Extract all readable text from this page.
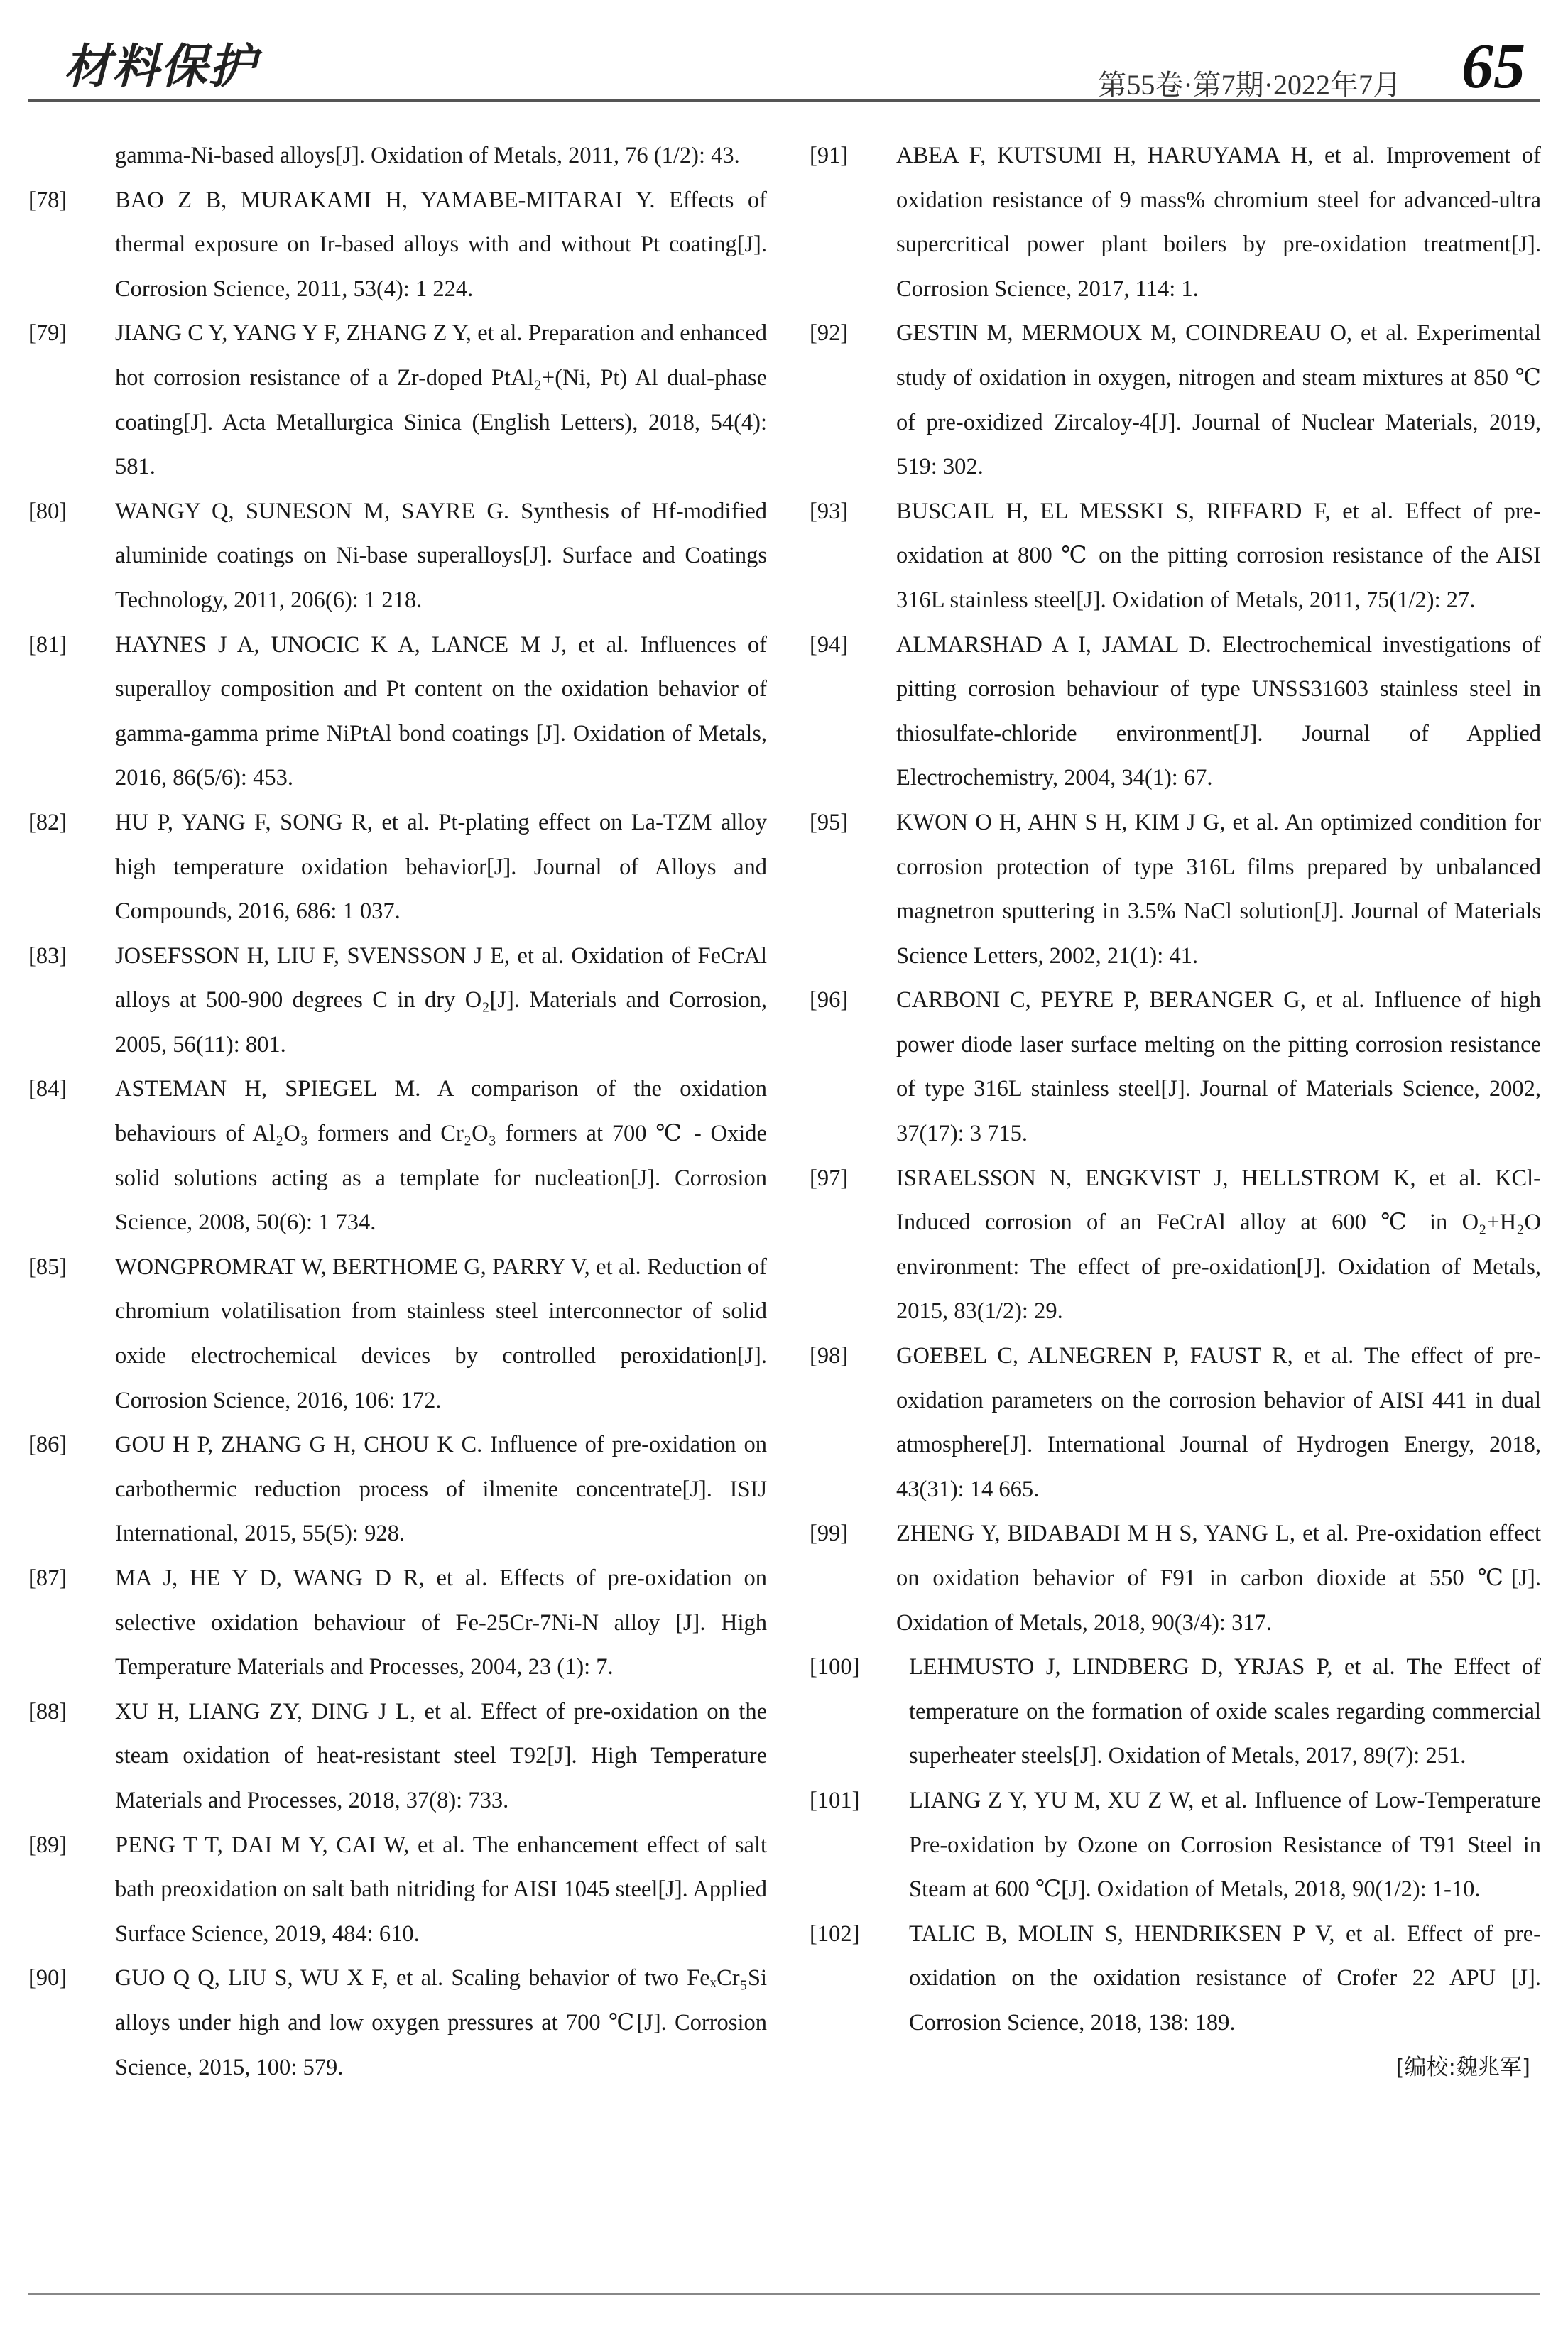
材料保护	第55卷·第7期·2022年7月 65
gamma-Ni-based alloys[J]. Oxidation of Metals, 2011, 76 (1/2): 43.
[78]	BAO Z B, MURAKAMI H, YAMABE-MITARAI Y. Effects of thermal exposure on Ir-based alloys with and without Pt coating[J]. Corrosion Science, 2011, 53(4): 1 224.
[79]	JIANG C Y, YANG Y F, ZHANG Z Y, et al. Preparation and enhanced hot corrosion resistance of a Zr-doped PtAl₂+(Ni, Pt) Al dual-phase coating[J]. Acta Metallurgica Sinica (English Letters), 2018, 54(4): 581.
[80]	WANGY Q, SUNESON M, SAYRE G. Synthesis of Hf-modified aluminide coatings on Ni-base superalloys[J]. Surface and Coatings Technology, 2011, 206(6): 1 218.
[81]	HAYNES J A, UNOCIC K A, LANCE M J, et al. Influences of superalloy composition and Pt content on the oxidation behavior of gamma-gamma prime NiPtAl bond coatings [J]. Oxidation of Metals, 2016, 86(5/6): 453.
[82]	HU P, YANG F, SONG R, et al. Pt-plating effect on La-TZM alloy high temperature oxidation behavior[J]. Journal of Alloys and Compounds, 2016, 686: 1 037.
[83]	JOSEFSSON H, LIU F, SVENSSON J E, et al. Oxidation of FeCrAl alloys at 500-900 degrees C in dry O₂[J]. Materials and Corrosion, 2005, 56(11): 801.
[84]	ASTEMAN H, SPIEGEL M. A comparison of the oxidation behaviours of Al₂O₃ formers and Cr₂O₃ formers at 700 ℃ - Oxide solid solutions acting as a template for nucleation[J]. Corrosion Science, 2008, 50(6): 1 734.
[85]	WONGPROMRAT W, BERTHOME G, PARRY V, et al. Reduction of chromium volatilisation from stainless steel interconnector of solid oxide electrochemical devices by controlled peroxidation[J]. Corrosion Science, 2016, 106: 172.
[86]	GOU H P, ZHANG G H, CHOU K C. Influence of pre-oxidation on carbothermic reduction process of ilmenite concentrate[J]. ISIJ International, 2015, 55(5): 928.
[87]	MA J, HE Y D, WANG D R, et al. Effects of pre-oxidation on selective oxidation behaviour of Fe-25Cr-7Ni-N alloy [J]. High Temperature Materials and Processes, 2004, 23 (1): 7.
[88]	XU H, LIANG ZY, DING J L, et al. Effect of pre-oxidation on the steam oxidation of heat-resistant steel T92[J]. High Temperature Materials and Processes, 2018, 37(8): 733.
[89]	PENG T T, DAI M Y, CAI W, et al. The enhancement effect of salt bath preoxidation on salt bath nitriding for AISI 1045 steel[J]. Applied Surface Science, 2019, 484: 610.
[90]	GUO Q Q, LIU S, WU X F, et al. Scaling behavior of two FeₓCr₅Si alloys under high and low oxygen pressures at 700 ℃[J]. Corrosion Science, 2015, 100: 579.
[91]	ABEA F, KUTSUMI H, HARUYAMA H, et al. Improvement of oxidation resistance of 9 mass% chromium steel for advanced-ultra supercritical power plant boilers by pre-oxidation treatment[J]. Corrosion Science, 2017, 114: 1.
[92]	GESTIN M, MERMOUX M, COINDREAU O, et al. Experimental study of oxidation in oxygen, nitrogen and steam mixtures at 850 ℃ of pre-oxidized Zircaloy-4[J]. Journal of Nuclear Materials, 2019, 519: 302.
[93]	BUSCAIL H, EL MESSKI S, RIFFARD F, et al. Effect of pre-oxidation at 800 ℃ on the pitting corrosion resistance of the AISI 316L stainless steel[J]. Oxidation of Metals, 2011, 75(1/2): 27.
[94]	ALMARSHAD A I, JAMAL D. Electrochemical investigations of pitting corrosion behaviour of type UNSS31603 stainless steel in thiosulfate-chloride environment[J]. Journal of Applied Electrochemistry, 2004, 34(1): 67.
[95]	KWON O H, AHN S H, KIM J G, et al. An optimized condition for corrosion protection of type 316L films prepared by unbalanced magnetron sputtering in 3.5% NaCl solution[J]. Journal of Materials Science Letters, 2002, 21(1): 41.
[96]	CARBONI C, PEYRE P, BERANGER G, et al. Influence of high power diode laser surface melting on the pitting corrosion resistance of type 316L stainless steel[J]. Journal of Materials Science, 2002, 37(17): 3 715.
[97]	ISRAELSSON N, ENGKVIST J, HELLSTROM K, et al. KCl-Induced corrosion of an FeCrAl alloy at 600 ℃ in O₂+H₂O environment: The effect of pre-oxidation[J]. Oxidation of Metals, 2015, 83(1/2): 29.
[98]	GOEBEL C, ALNEGREN P, FAUST R, et al. The effect of pre-oxidation parameters on the corrosion behavior of AISI 441 in dual atmosphere[J]. International Journal of Hydrogen Energy, 2018, 43(31): 14 665.
[99]	ZHENG Y, BIDABADI M H S, YANG L, et al. Pre-oxidation effect on oxidation behavior of F91 in carbon dioxide at 550 ℃[J]. Oxidation of Metals, 2018, 90(3/4): 317.
[100]	LEHMUSTO J, LINDBERG D, YRJAS P, et al. The Effect of temperature on the formation of oxide scales regarding commercial superheater steels[J]. Oxidation of Metals, 2017, 89(7): 251.
[101]	LIANG Z Y, YU M, XU Z W, et al. Influence of Low-Temperature Pre-oxidation by Ozone on Corrosion Resistance of T91 Steel in Steam at 600 ℃[J]. Oxidation of Metals, 2018, 90(1/2): 1-10.
[102]	TALIC B, MOLIN S, HENDRIKSEN P V, et al. Effect of pre-oxidation on the oxidation resistance of Crofer 22 APU [J]. Corrosion Science, 2018, 138: 189.
[编校:魏兆军]
